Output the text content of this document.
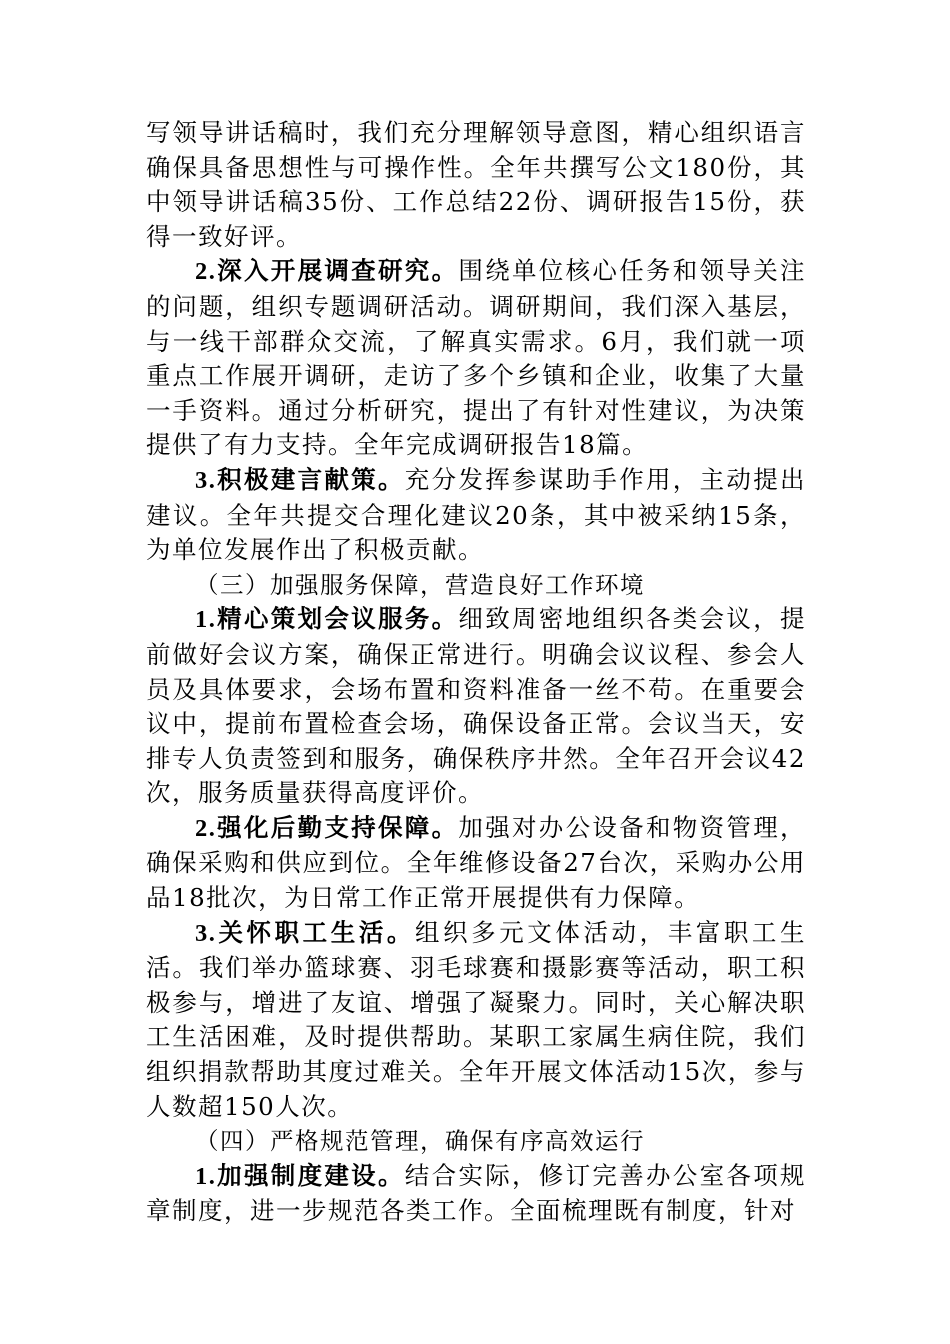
写领导讲话稿时，我们充分理解领导意图，精心组织语言确保具备思想性与可操作性。全年共撰写公文180份，其中领导讲话稿35份、工作总结22份、调研报告15份，获得一致好评。

2.深入开展调查研究。围绕单位核心任务和领导关注的问题，组织专题调研活动。调研期间，我们深入基层，与一线干部群众交流，了解真实需求。6月，我们就一项重点工作展开调研，走访了多个乡镇和企业，收集了大量一手资料。通过分析研究，提出了有针对性建议，为决策提供了有力支持。全年完成调研报告18篇。

3.积极建言献策。充分发挥参谋助手作用，主动提出建议。全年共提交合理化建议20条，其中被采纳15条，为单位发展作出了积极贡献。

（三）加强服务保障，营造良好工作环境

1.精心策划会议服务。细致周密地组织各类会议，提前做好会议方案，确保正常进行。明确会议议程、参会人员及具体要求，会场布置和资料准备一丝不苟。在重要会议中，提前布置检查会场，确保设备正常。会议当天，安排专人负责签到和服务，确保秩序井然。全年召开会议42次，服务质量获得高度评价。

2.强化后勤支持保障。加强对办公设备和物资管理，确保采购和供应到位。全年维修设备27台次，采购办公用品18批次，为日常工作正常开展提供有力保障。

3.关怀职工生活。组织多元文体活动，丰富职工生活。我们举办篮球赛、羽毛球赛和摄影赛等活动，职工积极参与，增进了友谊、增强了凝聚力。同时，关心解决职工生活困难，及时提供帮助。某职工家属生病住院，我们组织捐款帮助其度过难关。全年开展文体活动15次，参与人数超150人次。

（四）严格规范管理，确保有序高效运行

1.加强制度建设。结合实际，修订完善办公室各项规章制度，进一步规范各类工作。全面梳理既有制度，针对
